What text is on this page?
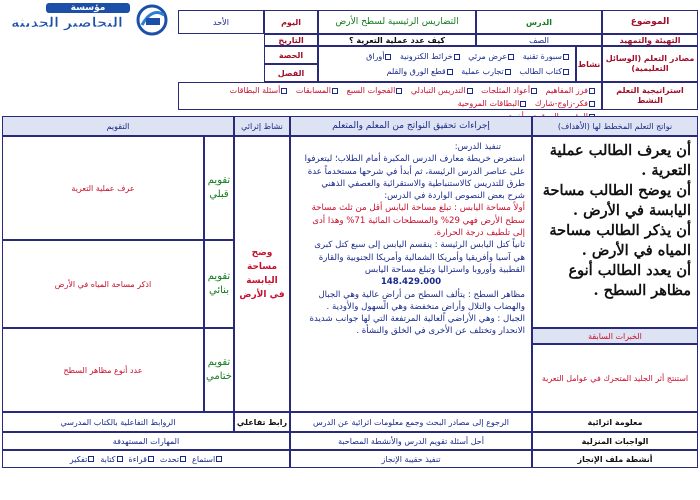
مؤسسة
التحاضير الحديثة	الموضوع
الدرس
التضاريس الرئيسية لسطح الأرض
اليوم
الأحد
التهيئة والتمهيد
الصف
كيف عدد عملية التعرية ؟
التاريخ
مصادر التعلم (الوسائل التعليمية)
نشاط
سبورة تقنية عرض مرئي خرائط الكترونية أوراق
كتاب الطالب تجارب عملية قطع الورق والقلم
الحصة
الفصل
استراتيجية التعلم النشط
فرز المفاهيم أعواد المثلجات التدريس التبادلي الفجوات السبع المسابقات أسئلة البطاقات فكر-زاوج-شارك البطاقات المروحية

نواتج التعلم المخطط لها (الأهداف)
إجراءات تحقيق النواتج من المعلم والمتعلم
نشاط إثرائي
التقويم
أن يعرف الطالب عملية التعرية .
أن يوضح الطالب مساحة اليابسة في الأرض .
أن يذكر الطالب مساحة المياه في الأرض .
أن يعدد الطالب أنوع مظاهر السطح .
الخبرات السابقة
استنتج أثر الجليد المتحرك في عوامل التعرية
تنفيذ الدرس:
استعرض خريطة معارف الدرس المكبرة أمام الطلاب؛ ليتعرفوا
على عناصر الدرس الرئيسة، ثم أبدأ في شرحها مستخدماً عدة
طرق للتدريس كالاستنباطية والاستقرائية والعصفي الذهني
شرح بعض النصوص الواردة في الدرس:
أولاً مساحة اليابس : تبلغ مساحة اليابس أقل من ثلث مساحة
سطح الأرض فهي 29% والمسطحات المائية 71% وهذا أدى
إلى تلطيف درجة الحرارة.
ثانياً كتل اليابس الرئيسة : ينقسم اليابس إلى سبع كتل كبرى
هي آسيا وأفريقيا وأمريكا الشمالية وأمريكا الجنوبية والقارة
القطبية وأوروبا واستراليا وتبلغ مساحة اليابس
148.429.000
مظاهر السطح : يتألف السطح من أراضٍ عالية وهي الجبال
والهضاب والتلال وأراضٍ منخفضة وهي السهول والأودية .
الجبال : وهي الأراضي العالية المرتفعة التي لها جوانب شديدة
الانحدار وتختلف عن الأخرى في الخلق والنشأة .
وضح مساحة اليابسة في الأرض
تقويم قبلي
عرف عملية التعرية
تقويم بنائي
اذكر مساحة المياه في الأرض
تقويم ختامي
عدد أنوع مظاهر السطح
معلومة اثرائية
الرجوع إلى مصادر البحث وجمع معلومات اثرائية عن الدرس
رابط تفاعلي
الروابط التفاعلية بالكتاب المدرسي
الواجبات المنزلية
أحل أسئلة تقويم الدرس والأنشطة المصاحبة
المهارات المستهدفة
أنشطة ملف الإنجاز
تنفيذ حقيبة الإنجاز
استماع
تحدث
قراءة
كتابة
تفكير
